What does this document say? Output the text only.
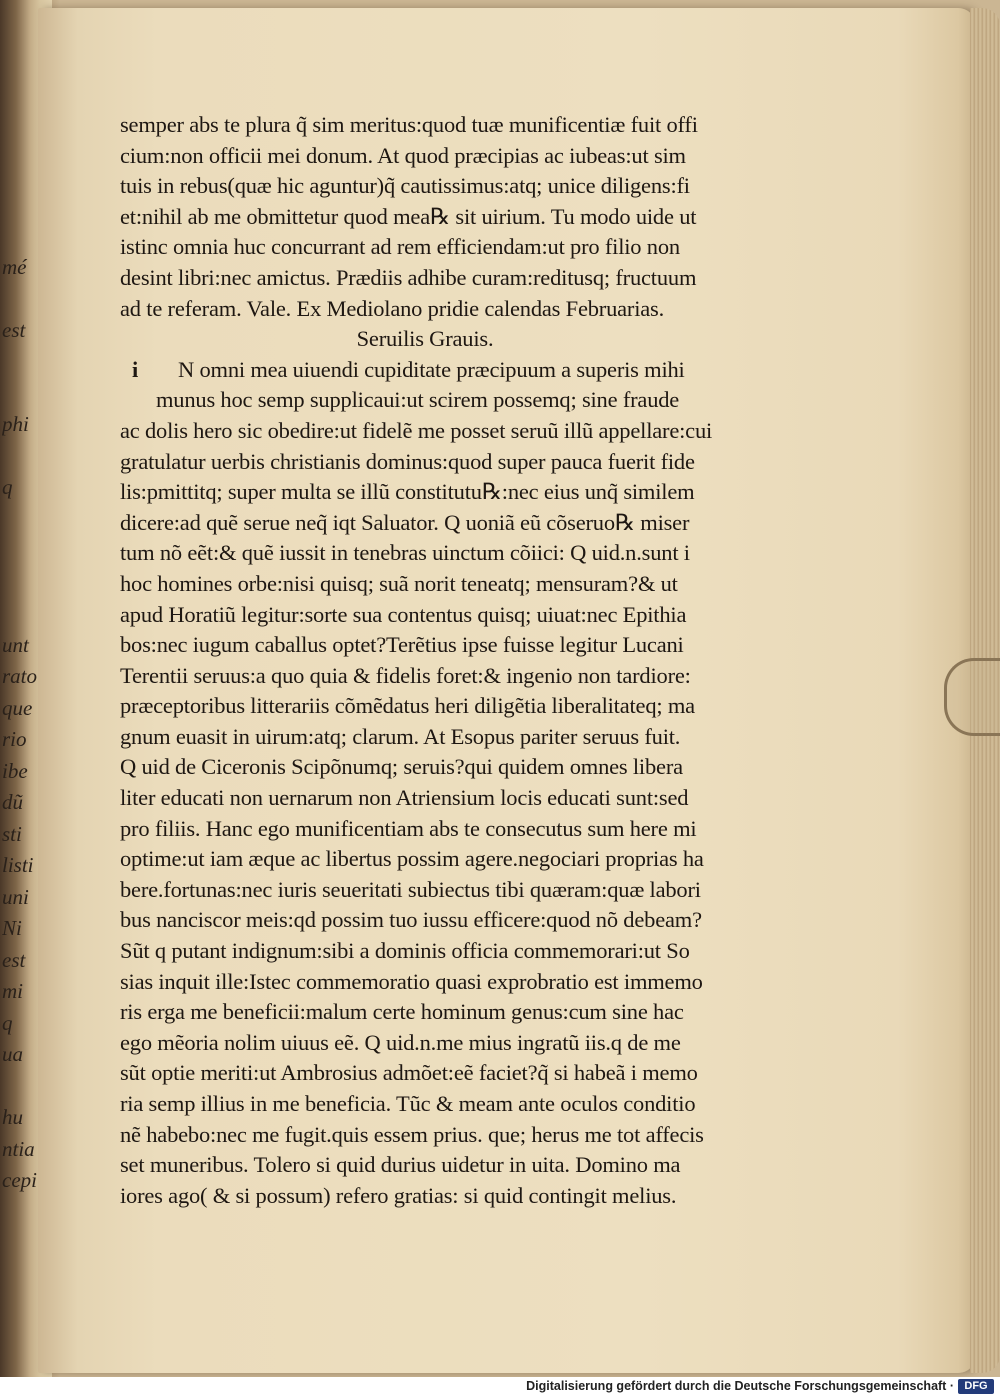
mé

est

phi

q

unt
rato
que
rio
ibe
dũ
sti
listi
uni
Ni
est
mi
q
ua

hu
ntia
cepi
semper abs te plura q̃ sim meritus:quod tuæ munificentiæ fuit offi
cium:non officii mei donum. At quod præcipias ac iubeas:ut sim
tuis in rebus(quæ hic aguntur)q̃ cautissimus:atq; unice diligens:fi
et:nihil ab me obmittetur quod mea℞ sit uirium. Tu modo uide ut
istinc omnia huc concurrant ad rem efficiendam:ut pro filio non
desint libri:nec amictus. Prædiis adhibe curam:reditusq; fructuum
ad te referam. Vale. Ex Mediolano pridie calendas Februarias.
Seruilis Grauis.
i N omni mea uiuendi cupiditate præcipuum a superis mihi
munus hoc semp supplicaui:ut scirem possemq; sine fraude
ac dolis hero sic obedire:ut fidelẽ me posset seruũ illũ appellare:cui
gratulatur uerbis christianis dominus:quod super pauca fuerit fide
lis:pmittitq; super multa se illũ constitutu℞:nec eius unq̃ similem
dicere:ad quẽ serue neq̃ iqt Saluator. Q uoniã eũ cõseruo℞ miser
tum nõ eẽt:& quẽ iussit in tenebras uinctum cõiici: Q uid.n.sunt i
hoc homines orbe:nisi quisq; suã norit teneatq; mensuram?& ut
apud Horatiũ legitur:sorte sua contentus quisq; uiuat:nec Epithia
bos:nec iugum caballus optet?Terẽtius ipse fuisse legitur Lucani
Terentii seruus:a quo quia & fidelis foret:& ingenio non tardiore:
præceptoribus litterariis cõmẽdatus heri diligẽtia liberalitateq; ma
gnum euasit in uirum:atq; clarum. At Esopus pariter seruus fuit.
Q uid de Ciceronis Scipõnumq; seruis?qui quidem omnes libera
liter educati non uernarum non Atriensium locis educati sunt:sed
pro filiis. Hanc ego munificentiam abs te consecutus sum here mi
optime:ut iam æque ac libertus possim agere.negociari proprias ha
bere.fortunas:nec iuris seueritati subiectus tibi quæram:quæ labori
bus nanciscor meis:qd possim tuo iussu efficere:quod nõ debeam?
Sũt q putant indignum:sibi a dominis officia commemorari:ut So
sias inquit ille:Istec commemoratio quasi exprobratio est immemo
ris erga me beneficii:malum certe hominum genus:cum sine hac
ego mẽoria nolim uiuus eẽ. Q uid.n.me mius ingratũ iis.q de me
sũt optie meriti:ut Ambrosius admõet:eẽ faciet?q̃ si habeã i memo
ria semp illius in me beneficia. Tũc & meam ante oculos conditio
nẽ habebo:nec me fugit.quis essem prius. que; herus me tot affecis
set muneribus. Tolero si quid durius uidetur in uita. Domino ma
iores ago( & si possum) refero gratias: si quid contingit melius.
Digitalisierung gefördert durch die Deutsche Forschungsgemeinschaft · DFG
